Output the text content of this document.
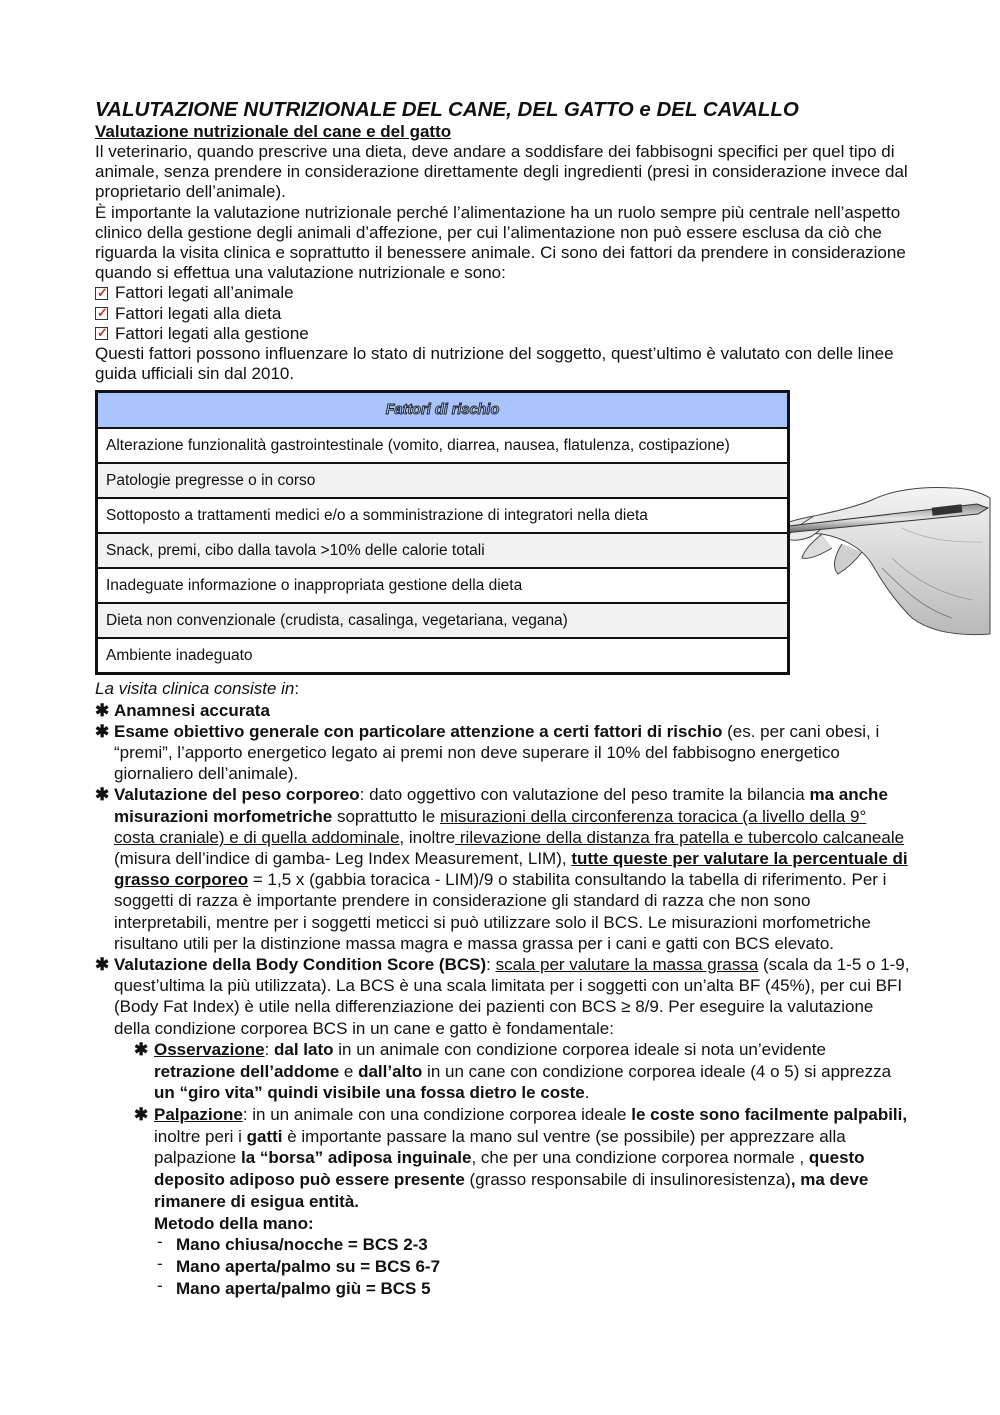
VALUTAZIONE NUTRIZIONALE DEL CANE, DEL GATTO e DEL CAVALLO
Valutazione nutrizionale del cane e del gatto

Il veterinario, quando prescrive una dieta, deve andare a soddisfare dei fabbisogni specifici per quel tipo di animale, senza prendere in considerazione direttamente degli ingredienti (presi in considerazione invece dal proprietario dell’animale).

È importante la valutazione nutrizionale perché l’alimentazione ha un ruolo sempre più centrale nell’aspetto clinico della gestione degli animali d’affezione, per cui l’alimentazione non può essere esclusa da ciò che riguarda la visita clinica e soprattutto il benessere animale. Ci sono dei fattori da prendere in considerazione quando si effettua una valutazione nutrizionale e sono:

✓
Fattori legati all’animale
✓
Fattori legati alla dieta
✓
Fattori legati alla gestione

Questi fattori possono influenzare lo stato di nutrizione del soggetto, quest’ultimo è valutato con delle linee guida ufficiali sin dal 2010.

Fattori di rischio
Alterazione funzionalità gastrointestinale (vomito, diarrea, nausea, flatulenza, costipazione)
Patologie pregresse o in corso
Sottoposto a trattamenti medici e/o a somministrazione di integratori nella dieta
Snack, premi, cibo dalla tavola >10% delle calorie totali
Inadeguate informazione o inappropriata gestione della dieta
Dieta non convenzionale (crudista, casalinga, vegetariana, vegana)
Ambiente inadeguato

La visita clinica consiste in:

✱ Anamnesi accurata
✱ Esame obiettivo generale con particolare attenzione a certi fattori di rischio (es. per cani obesi, i “premi”, l’apporto energetico legato ai premi non deve superare il 10% del fabbisogno energetico giornaliero dell’animale).
✱ Valutazione del peso corporeo: dato oggettivo con valutazione del peso tramite la bilancia ma anche misurazioni morfometriche soprattutto le misurazioni della circonferenza toracica (a livello della 9° costa craniale) e di quella addominale, inoltre rilevazione della distanza fra patella e tubercolo calcaneale (misura dell’indice di gamba- Leg Index Measurement, LIM), tutte queste per valutare la percentuale di grasso corporeo = 1,5 x (gabbia toracica - LIM)/9 o stabilita consultando la tabella di riferimento. Per i soggetti di razza è importante prendere in considerazione gli standard di razza che non sono interpretabili, mentre per i soggetti meticci si può utilizzare solo il BCS. Le misurazioni morfometriche risultano utili per la distinzione massa magra e massa grassa per i cani e gatti con BCS elevato.
✱ Valutazione della Body Condition Score (BCS): scala per valutare la massa grassa (scala da 1-5 o 1-9, quest’ultima la più utilizzata). La BCS è una scala limitata per i soggetti con un’alta BF (45%), per cui BFI (Body Fat Index) è utile nella differenziazione dei pazienti con BCS ≥ 8/9. Per eseguire la valutazione della condizione corporea BCS in un cane e gatto è fondamentale:
✱ Osservazione: dal lato in un animale con condizione corporea ideale si nota un’evidente retrazione dell’addome e dall’alto in un cane con condizione corporea ideale (4 o 5) si apprezza un “giro vita” quindi visibile una fossa dietro le coste.
✱ Palpazione: in un animale con una condizione corporea ideale le coste sono facilmente palpabili, inoltre peri i gatti è importante passare la mano sul ventre (se possibile) per apprezzare alla palpazione la “borsa” adiposa inguinale, che per una condizione corporea normale , questo deposito adiposo può essere presente (grasso responsabile di insulinoresistenza), ma deve rimanere di esigua entità.
Metodo della mano:
- Mano chiusa/nocche = BCS 2-3
- Mano aperta/palmo su = BCS 6-7
- Mano aperta/palmo giù = BCS 5
